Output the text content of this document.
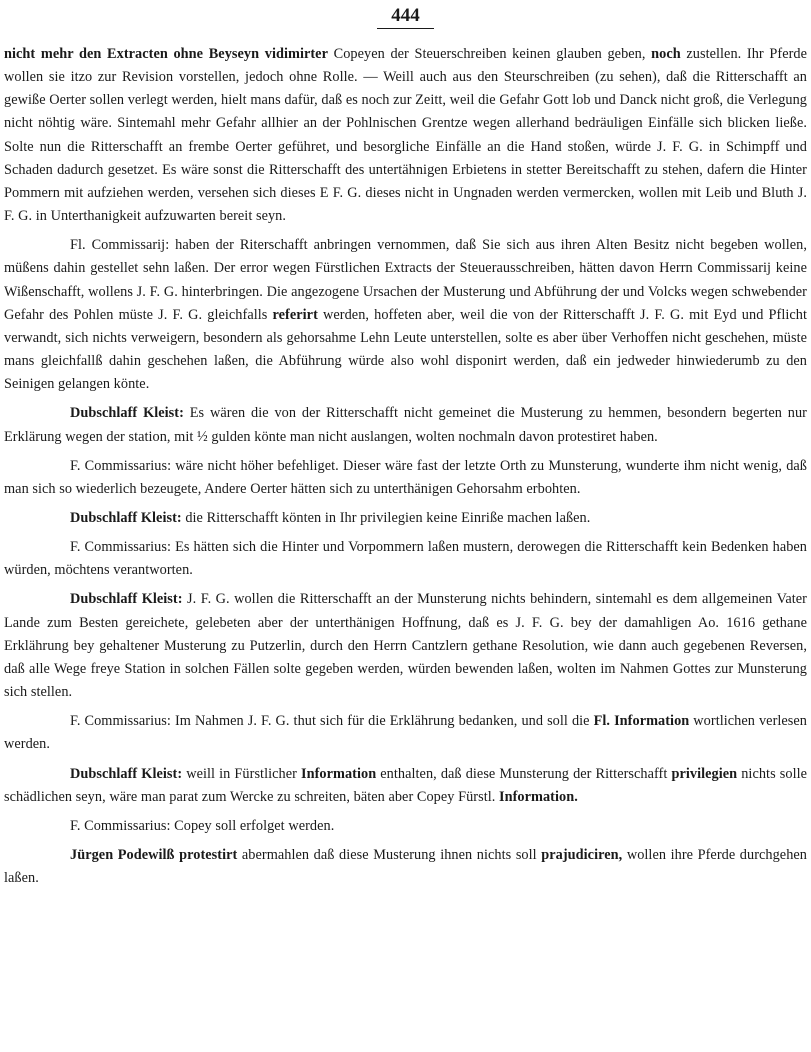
444

nicht mehr den Extracten ohne Beyseyn vidimirter Copeyen der Steuerschreiben keinen glauben geben, noch zustellen. Ihr Pferde wollen sie itzo zur Revision vorstellen, jedoch ohne Rolle. — Weill auch aus den Steurschreiben (zu sehen), daß die Ritterschafft an gewiße Oerter sollen verlegt werden, hielt mans dafür, daß es noch zur Zeitt, weil die Gefahr Gott lob und Danck nicht groß, die Verlegung nicht nöhtig wäre. Sintemahl mehr Gefahr allhier an der Pohlnischen Grentze wegen allerhand bedräuligen Einfälle sich blicken ließe. Solte nun die Ritterschafft an frembe Oerter geführet, und besorgliche Einfälle an die Hand stoßen, würde J. F. G. in Schimpff und Schaden dadurch gesetzet. Es wäre sonst die Ritterschafft des untertähnigen Erbietens in stetter Bereitschafft zu stehen, dafern die Hinter Pommern mit aufziehen werden, versehen sich dieses E F. G. dieses nicht in Ungnaden werden vermercken, wollen mit Leib und Bluth J. F. G. in Unterthanigkeit aufzuwarten bereit seyn.

Fl. Commissarij: haben der Riterschafft anbringen vernommen, daß Sie sich aus ihren Alten Besitz nicht begeben wollen, müßens dahin gestellet sehn laßen. Der error wegen Fürstlichen Extracts der Steuerausschreiben, hätten davon Herrn Commissarij keine Wißenschafft, wollens J. F. G. hinterbringen. Die angezogene Ursachen der Musterung und Abführung der und Volcks wegen schwebender Gefahr des Pohlen müste J. F. G. gleichfalls referirt werden, hoffeten aber, weil die von der Ritterschafft J. F. G. mit Eyd und Pflicht verwandt, sich nichts verweigern, besondern als gehorsahme Lehn Leute unterstellen, solte es aber über Verhoffen nicht geschehen, müste mans gleichfallß dahin geschehen laßen, die Abführung würde also wohl disponirt werden, daß ein jedweder hinwiederumb zu den Seinigen gelangen könte.

Dubschlaff Kleist: Es wären die von der Ritterschafft nicht gemeinet die Musterung zu hemmen, besondern begerten nur Erklärung wegen der station, mit ½ gulden könte man nicht auslangen, wolten nochmaln davon protestiret haben.

F. Commissarius: wäre nicht höher befehliget. Dieser wäre fast der letzte Orth zu Munsterung, wunderte ihm nicht wenig, daß man sich so wiederlich bezeugete, Andere Oerter hätten sich zu unterthänigen Gehorsahm erbohten.

Dubschlaff Kleist: die Ritterschafft könten in Ihr privilegien keine Einriße machen laßen.

F. Commissarius: Es hätten sich die Hinter und Vorpommern laßen mustern, derowegen die Ritterschafft kein Bedenken haben würden, möchtens verantworten.

Dubschlaff Kleist: J. F. G. wollen die Ritterschafft an der Munsterung nichts behindern, sintemahl es dem allgemeinen Vater Lande zum Besten gereichete, gelebeten aber der unterthänigen Hoffnung, daß es J. F. G. bey der damahligen Ao. 1616 gethane Erklährung bey gehaltener Musterung zu Putzerlin, durch den Herrn Cantzlern gethane Resolution, wie dann auch gegebenen Reversen, daß alle Wege freye Station in solchen Fällen solte gegeben werden, würden bewenden laßen, wolten im Nahmen Gottes zur Munsterung sich stellen.

F. Commissarius: Im Nahmen J. F. G. thut sich für die Erklährung bedanken, und soll die Fl. Information wortlichen verlesen werden.

Dubschlaff Kleist: weill in Fürstlicher Information enthalten, daß diese Munsterung der Ritterschafft privilegien nichts solle schädlichen seyn, wäre man parat zum Wercke zu schreiten, bäten aber Copey Fürstl. Information.

F. Commissarius: Copey soll erfolget werden.

Jürgen Podewilß protestirt abermahlen daß diese Musterung ihnen nichts soll prajudiciren, wollen ihre Pferde durchgehen laßen.
